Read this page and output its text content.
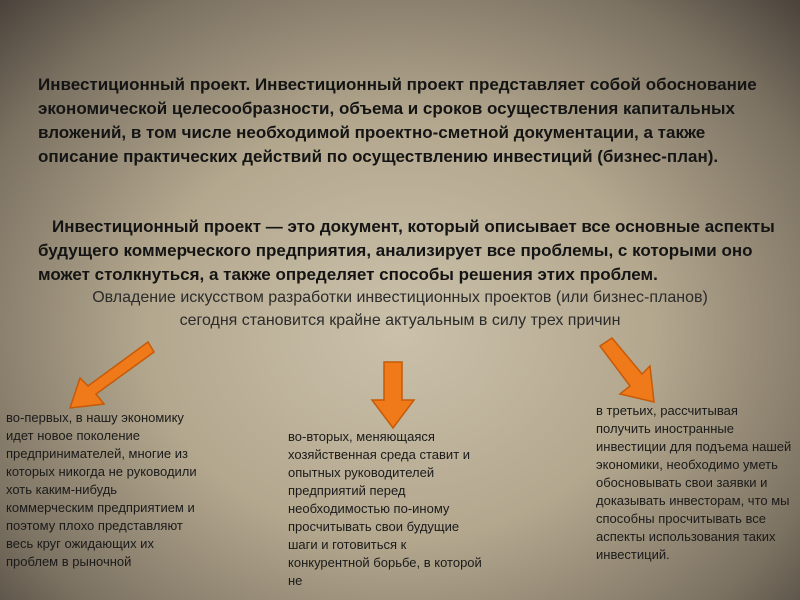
Инвестиционный проект. Инвестиционный проект представляет собой обоснование экономической целесообразности, объема и сроков осуществления капитальных вложений, в том числе необходимой проектно-сметной документации, а также описание практических действий по осуществлению инвестиций (бизнес-план).

Инвестиционный проект — это документ, который описывает все основные аспекты будущего коммерческого предприятия, анализирует все проблемы, с которыми оно может столкнуться, а также определяет способы решения этих проблем.

Овладение искусством разработки инвестиционных проектов (или бизнес-планов) сегодня становится крайне актуальным в силу трех причин

во-первых, в нашу экономику идет новое поколение предпринимателей, многие из которых никогда не руководили хоть каким-нибудь коммерческим предприятием и поэтому плохо представляют весь круг ожидающих их проблем в рыночной

во-вторых, меняющаяся хозяйственная среда ставит и опытных руководителей предприятий перед необходимостью по-иному просчитывать свои будущие шаги и готовиться к конкурентной борьбе, в которой не

в третьих, рассчитывая получить иностранные инвестиции для подъема нашей экономики, необходимо уметь обосновывать свои заявки и доказывать инвесторам, что мы способны просчитывать все аспекты использования таких инвестиций.
